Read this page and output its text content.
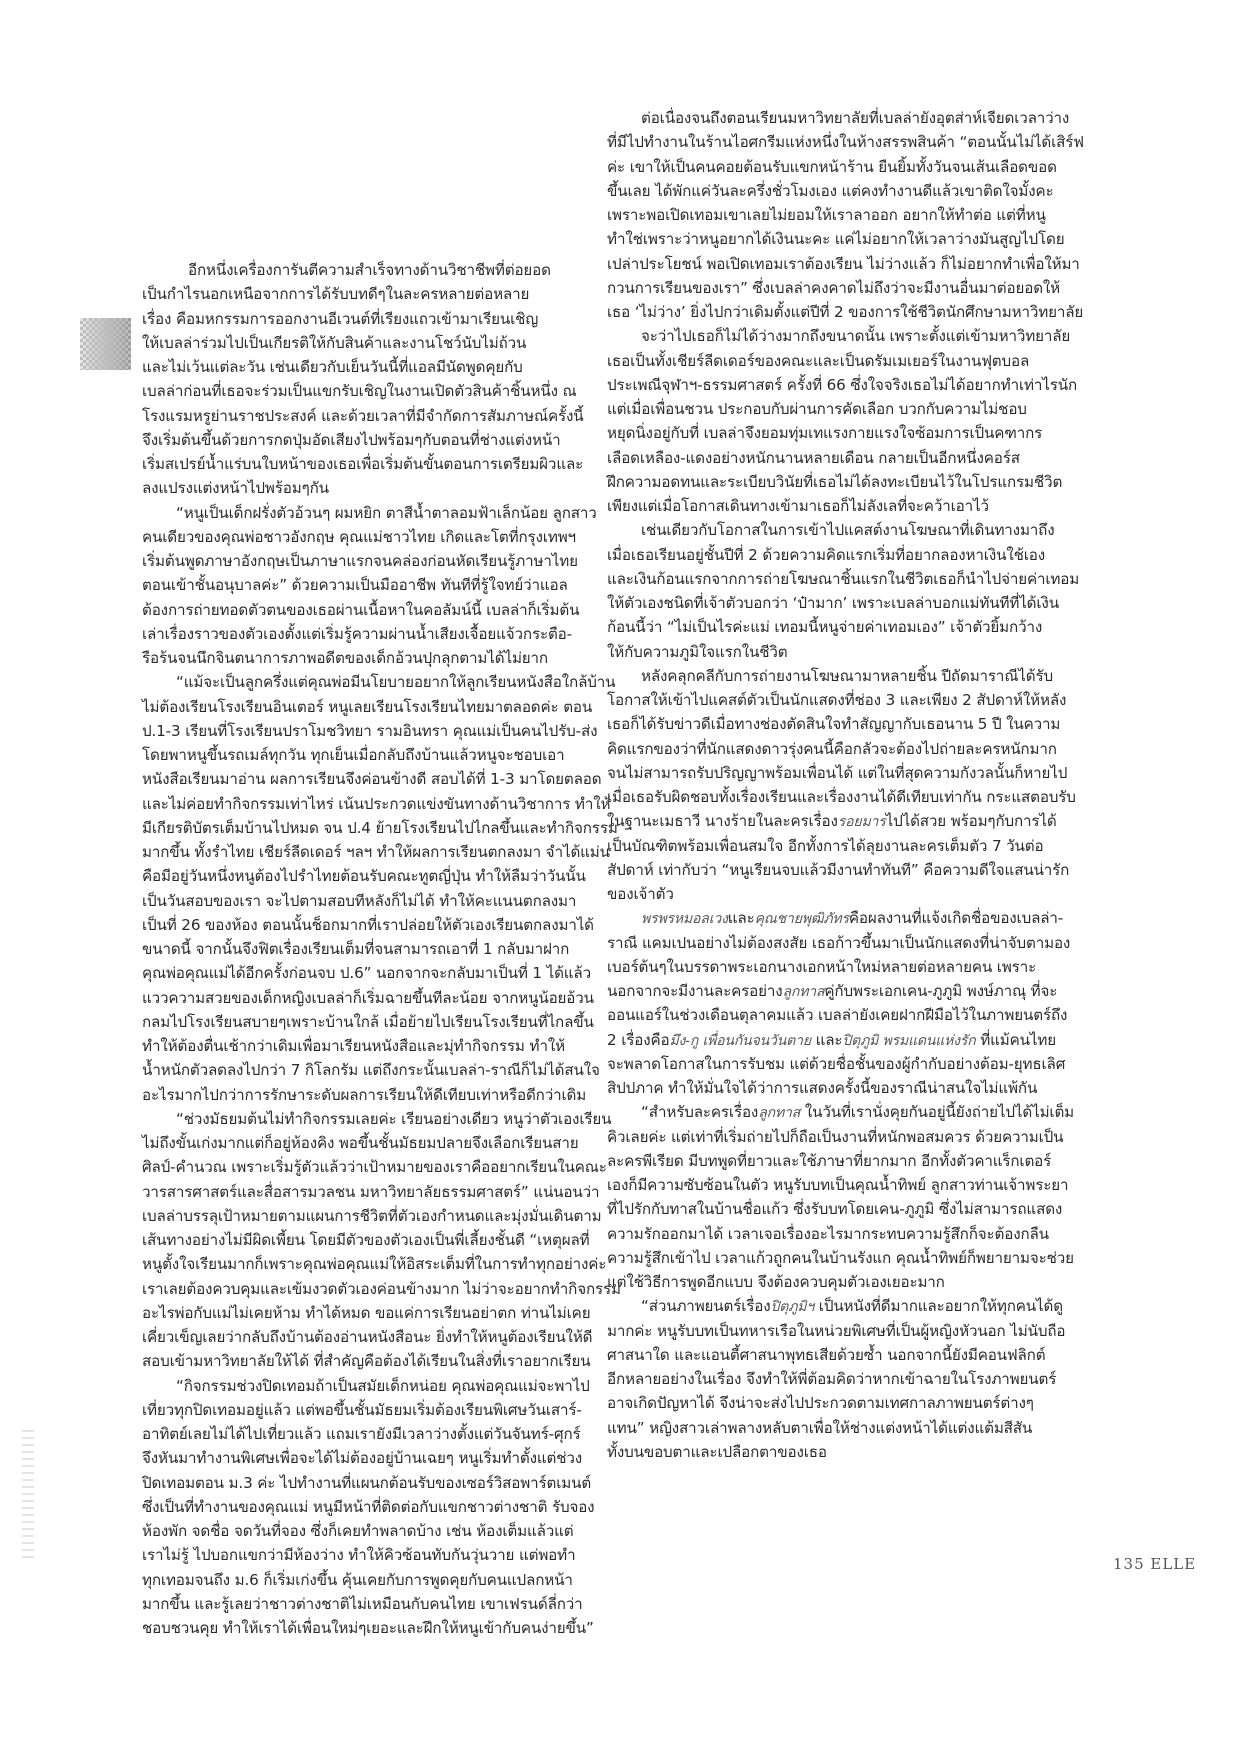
อีกหนึ่งเครื่องการันตีความสำเร็จทางด้านวิชาชีพที่ต่อยอด
เป็นกำไรนอกเหนือจากการได้รับบทดีๆในละครหลายต่อหลาย
เรื่อง คือมหกรรมการออกงานอีเวนต์ที่เรียงแถวเข้ามาเรียนเชิญ
ให้เบลล่าร่วมไปเป็นเกียรติให้กับสินค้าและงานโชว์นับไม่ถ้วน
และไม่เว้นแต่ละวัน เช่นเดียวกับเย็นวันนี้ที่แอลมีนัดพูดคุยกับ
เบลล่าก่อนที่เธอจะร่วมเป็นแขกรับเชิญในงานเปิดตัวสินค้าชิ้นหนึ่ง ณ
โรงแรมหรูย่านราชประสงค์ และด้วยเวลาที่มีจำกัดการสัมภาษณ์ครั้งนี้
จึงเริ่มต้นขึ้นด้วยการกดปุ่มอัดเสียงไปพร้อมๆกับตอนที่ช่างแต่งหน้า
เริ่มสเปรย์น้ำแร่บนใบหน้าของเธอเพื่อเริ่มต้นขั้นตอนการเตรียมผิวและ
ลงแปรงแต่งหน้าไปพร้อมๆกัน
“หนูเป็นเด็กฝรั่งตัวอ้วนๆ ผมหยิก ตาสีน้ำตาลอมฟ้าเล็กน้อย ลูกสาว
คนเดียวของคุณพ่อชาวอังกฤษ คุณแม่ชาวไทย เกิดและโตที่กรุงเทพฯ
เริ่มต้นพูดภาษาอังกฤษเป็นภาษาแรกจนคล่องก่อนหัดเรียนรู้ภาษาไทย
ตอนเข้าชั้นอนุบาลค่ะ” ด้วยความเป็นมืออาชีพ ทันทีที่รู้ใจทย์ว่าแอล
ต้องการถ่ายทอดตัวตนของเธอผ่านเนื้อหาในคอลัมน์นี้ เบลล่าก็เริ่มต้น
เล่าเรื่องราวของตัวเองตั้งแต่เริ่มรู้ความผ่านน้ำเสียงเจื้อยแจ้วกระตือ-
รือร้นจนนึกจินตนาการภาพอดีตของเด็กอ้วนปุกลุกตามได้ไม่ยาก
“แม้จะเป็นลูกครึ่งแต่คุณพ่อมีนโยบายอยากให้ลูกเรียนหนังสือใกล้บ้าน
ไม่ต้องเรียนโรงเรียนอินเตอร์ หนูเลยเรียนโรงเรียนไทยมาตลอดค่ะ ตอน
ป.1-3 เรียนที่โรงเรียนปราโมชวิทยา รามอินทรา คุณแม่เป็นคนไปรับ-ส่ง
โดยพาหนูขึ้นรถเมล์ทุกวัน ทุกเย็นเมื่อกลับถึงบ้านแล้วหนูจะชอบเอา
หนังสือเรียนมาอ่าน ผลการเรียนจึงค่อนข้างดี สอบได้ที่ 1-3 มาโดยตลอด
และไม่ค่อยทำกิจกรรมเท่าไหร่ เน้นประกวดแข่งขันทางด้านวิชาการ ทำให้
มีเกียรติบัตรเต็มบ้านไปหมด จน ป.4 ย้ายโรงเรียนไปไกลขึ้นและทำกิจกรรม
มากขึ้น ทั้งรำไทย เชียร์ลีดเดอร์ ฯลฯ ทำให้ผลการเรียนตกลงมา จำได้แม่น
คือมีอยู่วันหนึ่งหนูต้องไปรำไทยต้อนรับคณะทูตญี่ปุ่น ทำให้ลืมว่าวันนั้น
เป็นวันสอบของเรา จะไปตามสอบทีหลังก็ไม่ได้ ทำให้คะแนนตกลงมา
เป็นที่ 26 ของห้อง ตอนนั้นช็อกมากที่เราปล่อยให้ตัวเองเรียนตกลงมาได้
ขนาดนี้ จากนั้นจึงฟิตเรื่องเรียนเต็มที่จนสามารถเอาที่ 1 กลับมาฝาก
คุณพ่อคุณแม่ได้อีกครั้งก่อนจบ ป.6” นอกจากจะกลับมาเป็นที่ 1 ได้แล้ว
แววความสวยของเด็กหญิงเบลล่าก็เริ่มฉายขึ้นทีละน้อย จากหนูน้อยอ้วน
กลมไปโรงเรียนสบายๆเพราะบ้านใกล้ เมื่อย้ายไปเรียนโรงเรียนที่ไกลขึ้น
ทำให้ต้องตื่นเช้ากว่าเดิมเพื่อมาเรียนหนังสือและมุ่ทำกิจกรรม ทำให้
น้ำหนักตัวลดลงไปกว่า 7 กิโลกรัม แต่ถึงกระนั้นเบลล่า-ราณีก็ไม่ได้สนใจ
อะไรมากไปกว่าการรักษาระดับผลการเรียนให้ดีเทียบเท่าหรือดีกว่าเดิม
“ช่วงมัธยมต้นไม่ทำกิจกรรมเลยค่ะ เรียนอย่างเดียว หนูว่าตัวเองเรียน
ไม่ถึงขั้นเก่งมากแต่ก็อยู่ห้องคิง พอขึ้นชั้นมัธยมปลายจึงเลือกเรียนสาย
ศิลป์-คำนวณ เพราะเริ่มรู้ตัวแล้วว่าเป้าหมายของเราคืออยากเรียนในคณะ
วารสารศาสตร์และสื่อสารมวลชน มหาวิทยาลัยธรรมศาสตร์” แน่นอนว่า
เบลล่าบรรลุเป้าหมายตามแผนการชีวิตที่ตัวเองกำหนดและมุ่งมั่นเดินตาม
เส้นทางอย่างไม่มีผิดเพี้ยน โดยมีตัวของตัวเองเป็นพี่เลี้ยงชั้นดี “เหตุผลที่
หนูตั้งใจเรียนมากก็เพราะคุณพ่อคุณแม่ให้อิสระเต็มที่ในการทำทุกอย่างค่ะ
เราเลยต้องควบคุมและเข้มงวดตัวเองค่อนข้างมาก ไม่ว่าจะอยากทำกิจกรรม
อะไรพ่อกับแม่ไม่เคยห้าม ทำได้หมด ขอแค่การเรียนอย่าตก ท่านไม่เคย
เคี่ยวเข็ญเลยว่ากลับถึงบ้านต้องอ่านหนังสือนะ ยิ่งทำให้หนูต้องเรียนให้ดี
สอบเข้ามหาวิทยาลัยให้ได้ ที่สำคัญคือต้องได้เรียนในสิ่งที่เราอยากเรียน
“กิจกรรมช่วงปิดเทอมถ้าเป็นสมัยเด็กหน่อย คุณพ่อคุณแม่จะพาไป
เที่ยวทุกปิดเทอมอยู่แล้ว แต่พอขึ้นชั้นมัธยมเริ่มต้องเรียนพิเศษวันเสาร์-
อาทิตย์เลยไม่ได้ไปเที่ยวแล้ว แถมเรายังมีเวลาว่างตั้งแต่วันจันทร์-ศุกร์
จึงหันมาทำงานพิเศษเพื่อจะได้ไม่ต้องอยู่บ้านเฉยๆ หนูเริ่มทำตั้งแต่ช่วง
ปิดเทอมตอน ม.3 ค่ะ ไปทำงานที่แผนกต้อนรับของเซอร์วิสอพาร์ตเมนต์
ซึ่งเป็นที่ทำงานของคุณแม่ หนูมีหน้าที่ติดต่อกับแขกชาวต่างชาติ รับจอง
ห้องพัก จดชื่อ จดวันที่จอง ซึ่งก็เคยทำพลาดบ้าง เช่น ห้องเต็มแล้วแต่
เราไม่รู้ ไปบอกแขกว่ามีห้องว่าง ทำให้คิวซ้อนทับกันวุ่นวาย แต่พอทำ
ทุกเทอมจนถึง ม.6 ก็เริ่มเก่งขึ้น คุ้นเคยกับการพูดคุยกับคนแปลกหน้า
มากขึ้น และรู้เลยว่าชาวต่างชาติไม่เหมือนกับคนไทย เขาเฟรนด์ลี่กว่า
ชอบชวนคุย ทำให้เราได้เพื่อนใหม่ๆเยอะและฝึกให้หนูเข้ากับคนง่ายขึ้น”
ต่อเนื่องจนถึงตอนเรียนมหาวิทยาลัยที่เบลล่ายังอุตส่าห์เจียดเวลาว่าง
ที่มีไปทำงานในร้านไอศกรีมแห่งหนึ่งในห้างสรรพสินค้า “ตอนนั้นไม่ได้เสิร์ฟ
ค่ะ เขาให้เป็นคนคอยต้อนรับแขกหน้าร้าน ยืนยิ้มทั้งวันจนเส้นเลือดขอด
ขึ้นเลย ได้พักแค่วันละครึ่งชั่วโมงเอง แต่คงทำงานดีแล้วเขาติดใจมั้งคะ
เพราะพอเปิดเทอมเขาเลยไม่ยอมให้เราลาออก อยากให้ทำต่อ แต่ที่หนู
ทำใช่เพราะว่าหนูอยากได้เงินนะคะ แค่ไม่อยากให้เวลาว่างมันสูญไปโดย
เปล่าประโยชน์ พอเปิดเทอมเราต้องเรียน ไม่ว่างแล้ว ก็ไม่อยากทำเพื่อให้มา
กวนการเรียนของเรา” ซึ่งเบลล่าคงคาดไม่ถึงว่าจะมีงานอื่นมาต่อยอดให้
เธอ ‘ไม่ว่าง’ ยิ่งไปกว่าเดิมตั้งแต่ปีที่ 2 ของการใช้ชีวิตนักศึกษามหาวิทยาลัย
จะว่าไปเธอก็ไม่ได้ว่างมากถึงขนาดนั้น เพราะตั้งแต่เข้ามหาวิทยาลัย
เธอเป็นทั้งเชียร์ลีดเดอร์ของคณะและเป็นดรัมเมเยอร์ในงานฟุตบอล
ประเพณีจุฬาฯ-ธรรมศาสตร์ ครั้งที่ 66 ซึ่งใจจริงเธอไม่ได้อยากทำเท่าไรนัก
แต่เมื่อเพื่อนชวน ประกอบกับผ่านการคัดเลือก บวกกับความไม่ชอบ
หยุดนิ่งอยู่กับที่ เบลล่าจึงยอมทุ่มเทแรงกายแรงใจซ้อมการเป็นคฑากร
เลือดเหลือง-แดงอย่างหนักนานหลายเดือน กลายเป็นอีกหนึ่งคอร์ส
ฝึกความอดทนและระเบียบวินัยที่เธอไม่ได้ลงทะเบียนไว้ในโปรแกรมชีวิต
เพียงแต่เมื่อโอกาสเดินทางเข้ามาเธอก็ไม่ลังเลที่จะคว้าเอาไว้
เช่นเดียวกับโอกาสในการเข้าไปแคสต์งานโฆษณาที่เดินทางมาถึง
เมื่อเธอเรียนอยู่ชั้นปีที่ 2 ด้วยความคิดแรกเริ่มที่อยากลองหาเงินใช้เอง
และเงินก้อนแรกจากการถ่ายโฆษณาชิ้นแรกในชีวิตเธอก็นำไปจ่ายค่าเทอม
ให้ตัวเองชนิดที่เจ้าตัวบอกว่า ‘ป๋ามาก’ เพราะเบลล่าบอกแม่ทันทีที่ได้เงิน
ก้อนนี้ว่า “ไม่เป็นไรค่ะแม่ เทอมนี้หนูจ่ายค่าเทอมเอง” เจ้าตัวยิ้มกว้าง
ให้กับความภูมิใจแรกในชีวิต
หลังคลุกคลีกับการถ่ายงานโฆษณามาหลายชิ้น ปีถัดมาราณีได้รับ
โอกาสให้เข้าไปแคสต์ตัวเป็นนักแสดงที่ช่อง 3 และเพียง 2 สัปดาห์ให้หลัง
เธอก็ได้รับข่าวดีเมื่อทางช่องตัดสินใจทำสัญญากับเธอนาน 5 ปี ในความ
คิดแรกของว่าที่นักแสดงดาวรุ่งคนนี้คือกลัวจะต้องไปถ่ายละครหนักมาก
จนไม่สามารถรับปริญญาพร้อมเพื่อนได้ แต่ในที่สุดความกังวลนั้นก็หายไป
เมื่อเธอรับผิดชอบทั้งเรื่องเรียนและเรื่องงานได้ดีเทียบเท่ากัน กระแสตอบรับ
ในฐานะเมธาวี นางร้ายในละครเรื่องรอยมารไปได้สวย พร้อมๆกับการได้
เป็นบัณฑิตพร้อมเพื่อนสมใจ อีกทั้งการได้ลุยงานละครเต็มตัว 7 วันต่อ
สัปดาห์ เท่ากับว่า “หนูเรียนจบแล้วมีงานทำทันที” คือความดีใจแสนน่ารัก
ของเจ้าตัว
พรพรหมอลเวงและคุณชายพุฒิภัทรคือผลงานที่แจ้งเกิดชื่อของเบลล่า-
ราณี แคมเปนอย่างไม่ต้องสงสัย เธอก้าวขึ้นมาเป็นนักแสดงที่น่าจับตามอง
เบอร์ต้นๆในบรรดาพระเอกนางเอกหน้าใหม่หลายต่อหลายคน เพราะ
นอกจากจะมีงานละครอย่างลูกทาสคู่กับพระเอกเคน-ภูภูมิ พงษ์ภาณุ ที่จะ
ออนแอร์ในช่วงเดือนตุลาคมแล้ว เบลล่ายังเคยฝากฝีมือไว้ในภาพยนตร์ถึง
2 เรื่องคือมึง-กู เพื่อนกันจนวันตาย และปิตุภูมิ พรมแดนแห่งรัก ที่แม้คนไทย
จะพลาดโอกาสในการรับชม แต่ด้วยชื่อชั้นของผู้กำกับอย่างต้อม-ยุทธเลิศ
สิปปภาค ทำให้มั่นใจได้ว่าการแสดงครั้งนี้ของราณีน่าสนใจไม่แพ้กัน
“สำหรับละครเรื่องลูกทาส ในวันที่เรานั่งคุยกันอยู่นี้ยังถ่ายไปได้ไม่เต็ม
คิวเลยค่ะ แต่เท่าที่เริ่มถ่ายไปก็ถือเป็นงานที่หนักพอสมควร ด้วยความเป็น
ละครพีเรียด มีบทพูดที่ยาวและใช้ภาษาที่ยากมาก อีกทั้งตัวคาแร็กเตอร์
เองก็มีความซับซ้อนในตัว หนูรับบทเป็นคุณน้ำทิพย์ ลูกสาวท่านเจ้าพระยา
ที่ไปรักกับทาสในบ้านชื่อแก้ว ซึ่งรับบทโดยเคน-ภูภูมิ ซึ่งไม่สามารถแสดง
ความรักออกมาได้ เวลาเจอเรื่องอะไรมากระทบความรู้สึกก็จะต้องกลืน
ความรู้สึกเข้าไป เวลาแก้วถูกคนในบ้านรังแก คุณน้ำทิพย์ก็พยายามจะช่วย
แต่ใช้วิธีการพูดอีกแบบ จึงต้องควบคุมตัวเองเยอะมาก
“ส่วนภาพยนตร์เรื่องปิตุภูมิฯ เป็นหนังที่ดีมากและอยากให้ทุกคนได้ดู
มากค่ะ หนูรับบทเป็นทหารเรือในหน่วยพิเศษที่เป็นผู้หญิงหัวนอก ไม่นับถือ
ศาสนาใด และแอนตี้ศาสนาพุทธเสียด้วยซ้ำ นอกจากนี้ยังมีคอนฟลิกต์
อีกหลายอย่างในเรื่อง จึงทำให้พี่ต้อมคิดว่าหากเข้าฉายในโรงภาพยนตร์
อาจเกิดปัญหาได้ จึงน่าจะส่งไปประกวดตามเทศกาลภาพยนตร์ต่างๆ
แทน” หญิงสาวเล่าพลางหลับตาเพื่อให้ช่างแต่งหน้าได้แต่งแต้มสีสัน
ทั้งบนขอบตาและเปลือกตาของเธอ
135 ELLE
